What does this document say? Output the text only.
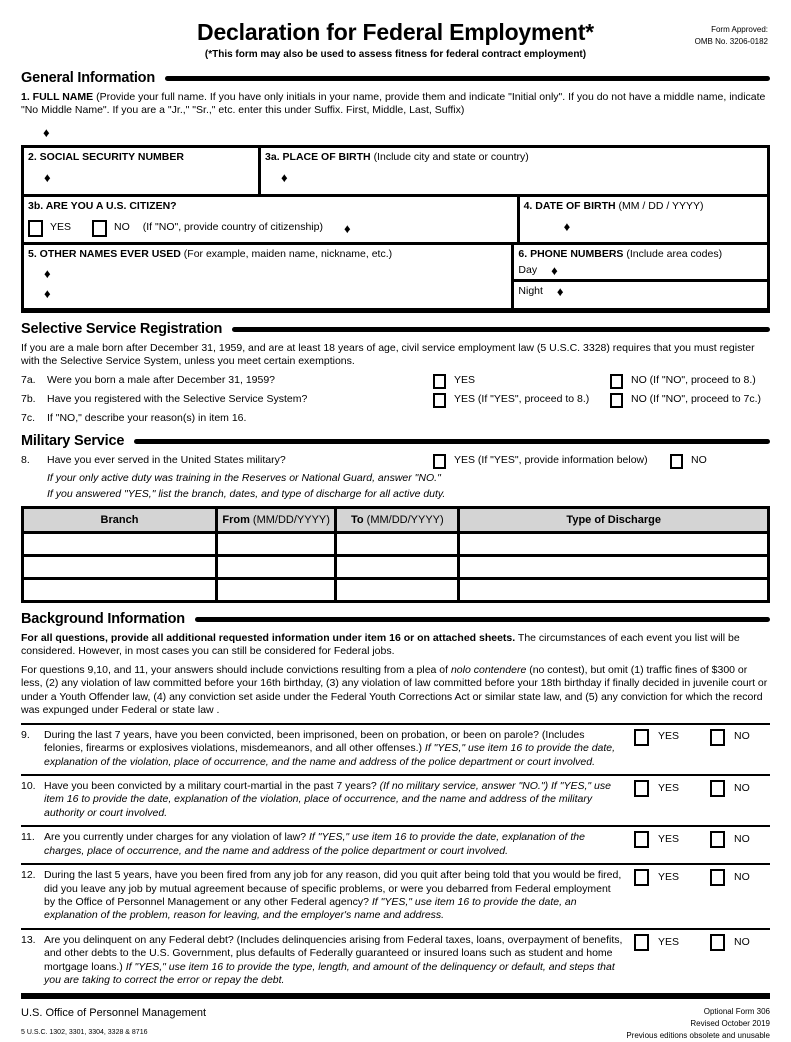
Declaration for Federal Employment*
(*This form may also be used to assess fitness for federal contract employment)
Form Approved:
OMB No. 3206-0182
General Information
1. FULL NAME (Provide your full name. If you have only initials in your name, provide them and indicate "Initial only". If you do not have a middle name, indicate "No Middle Name". If you are a "Jr.," "Sr.," etc. enter this under Suffix. First, Middle, Last, Suffix)
♦
2. SOCIAL SECURITY NUMBER
♦
3a. PLACE OF BIRTH (Include city and state or country)
♦
3b. ARE YOU A U.S. CITIZEN?
YES	NO (If "NO", provide country of citizenship) ♦
4. DATE OF BIRTH (MM / DD / YYYY)
♦
5. OTHER NAMES EVER USED (For example, maiden name, nickname, etc.)
♦
♦
6. PHONE NUMBERS (Include area codes)
Day ♦
Night ♦
Selective Service Registration
If you are a male born after December 31, 1959, and are at least 18 years of age, civil service employment law (5 U.S.C. 3328) requires that you must register with the Selective Service System, unless you meet certain exemptions.
7a.	Were you born a male after December 31, 1959?	YES	NO (If "NO", proceed to 8.)
7b.	Have you registered with the Selective Service System?	YES (If "YES", proceed to 8.)	NO (If "NO", proceed to 7c.)
7c.	If "NO," describe your reason(s) in item 16.
Military Service
8.	Have you ever served in the United States military?	YES (If "YES", provide information below)	NO
If your only active duty was training in the Reserves or National Guard, answer "NO."
If you answered "YES," list the branch, dates, and type of discharge for all active duty.
Branch	From (MM/DD/YYYY)	To (MM/DD/YYYY)	Type of Discharge

Background Information
For all questions, provide all additional requested information under item 16 or on attached sheets. The circumstances of each event you list will be considered. However, in most cases you can still be considered for Federal jobs.
For questions 9,10, and 11, your answers should include convictions resulting from a plea of nolo contendere (no contest), but omit (1) traffic fines of $300 or less, (2) any violation of law committed before your 16th birthday, (3) any violation of law committed before your 18th birthday if finally decided in juvenile court or under a Youth Offender law, (4) any conviction set aside under the Federal Youth Corrections Act or similar state law, and (5) any conviction for which the record was expunged under Federal or state law .
9.	During the last 7 years, have you been convicted, been imprisoned, been on probation, or been on parole? (Includes felonies, firearms or explosives violations, misdemeanors, and all other offenses.) If "YES," use item 16 to provide the date, explanation of the violation, place of occurrence, and the name and address of the police department or court involved.
YES	NO
10. Have you been convicted by a military court-martial in the past 7 years? (If no military service, answer "NO.") If "YES," use item 16 to provide the date, explanation of the violation, place of occurrence, and the name and address of the military authority or court involved.
YES	NO
11. Are you currently under charges for any violation of law? If "YES," use item 16 to provide the date, explanation of the charges, place of occurrence, and the name and address of the police department or court involved.
YES	NO
12. During the last 5 years, have you been fired from any job for any reason, did you quit after being told that you would be fired, did you leave any job by mutual agreement because of specific problems, or were you debarred from Federal employment by the Office of Personnel Management or any other Federal agency? If "YES," use item 16 to provide the date, an explanation of the problem, reason for leaving, and the employer's name and address.
YES	NO
13. Are you delinquent on any Federal debt? (Includes delinquencies arising from Federal taxes, loans, overpayment of benefits, and other debts to the U.S. Government, plus defaults of Federally guaranteed or insured loans such as student and home mortgage loans.) If "YES," use item 16 to provide the type, length, and amount of the delinquency or default, and steps that you are taking to correct the error or repay the debt.
YES	NO
U.S. Office of Personnel Management
5 U.S.C. 1302, 3301, 3304, 3328 & 8716
Optional Form 306
Revised October 2019
Previous editions obsolete and unusable
